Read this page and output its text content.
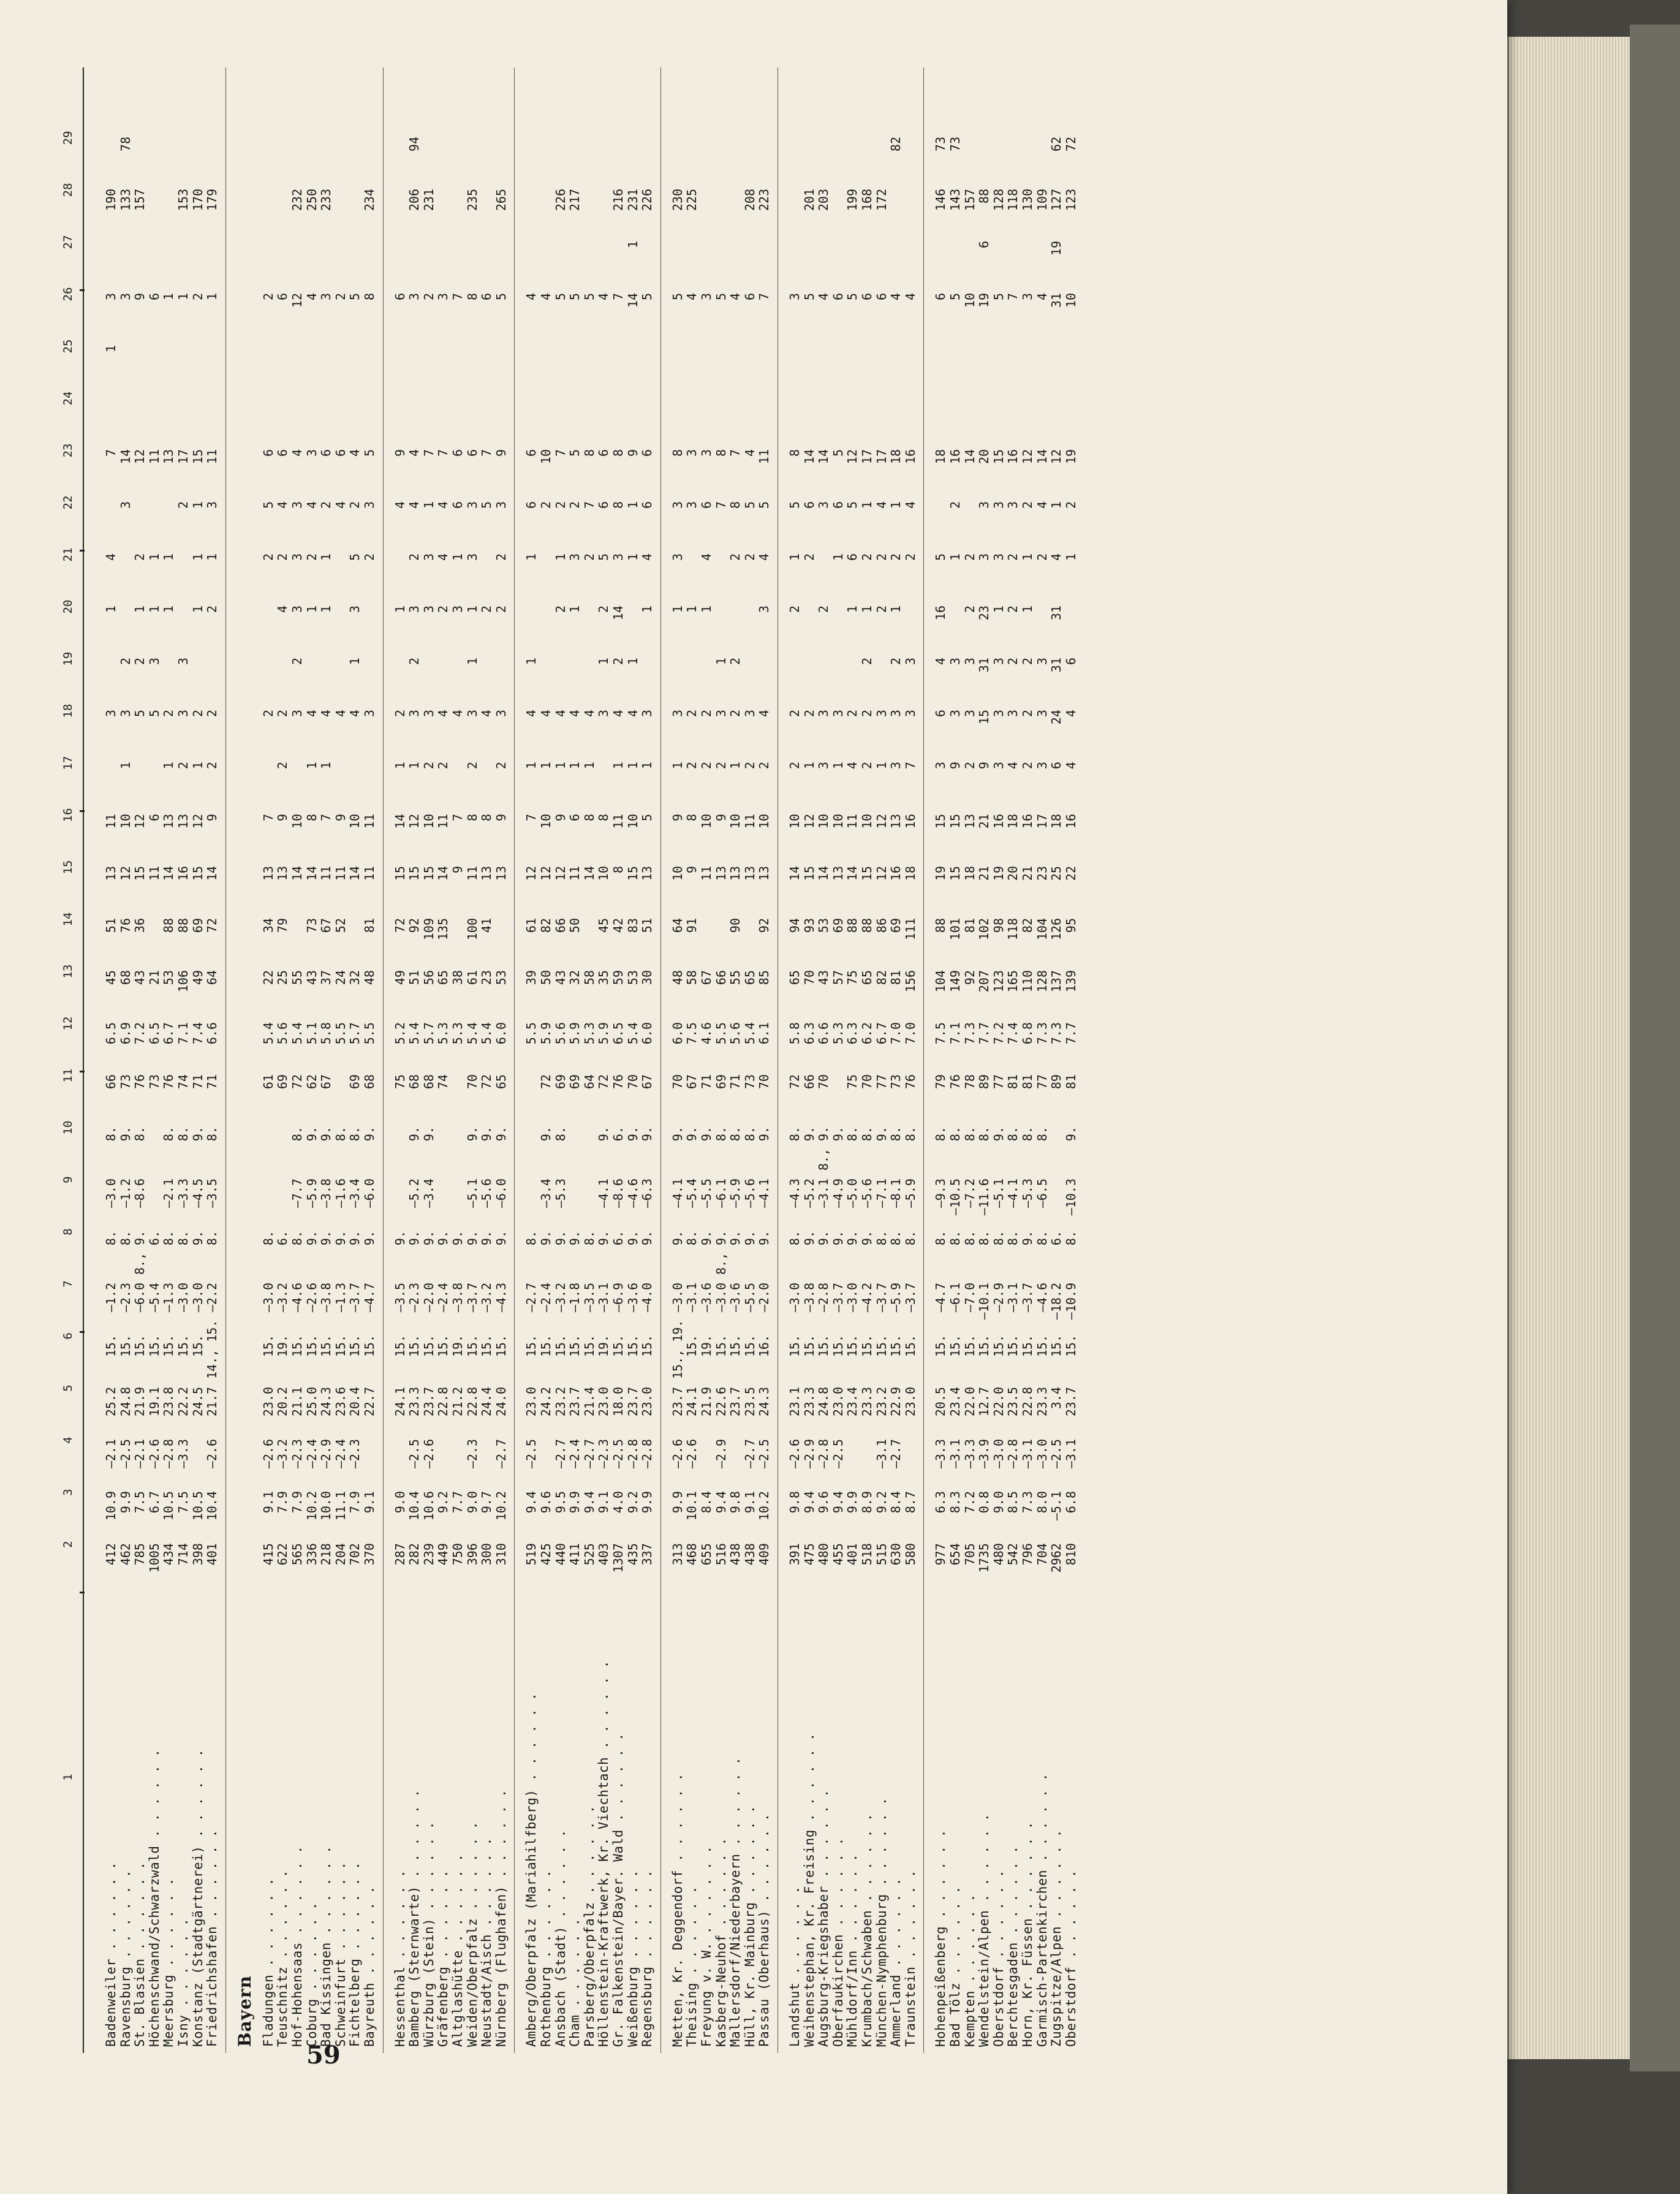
1
2
3
4
5
6
7
8
9
10
11
12
13
14
15
16
17
18
19
20
21
22
23
24
25
26
27
28
29
Badenweiler . . . . . .
412
10.9
—2.1
25.2
15.
—1.2
8.
—3.0
8.
66
6.5
45
51
13
11
3
1
4
7
1
3
190
Ravensburg . . . . . .
462
9.9
—2.5
24.8
15.
—2.3
8.
—1.2
9.
73
6.9
68
76
12
10
1
3
2
3
14
3
133
78
St. Blasien . . . . . .
785
7.5
—2.1
21.9
15.
—6.0
8., 9.
—8.6
8.
76
7.2
43
36
15
12
5
2
1
2
12
9
157
Höchenschwand/Schwarzwald . . . . . .
1005
6.7
—2.6
19.1
15.
—5.4
6.
73
6.5
21
11
6
5
3
1
1
11
6
Meersburg . . . . . .
434
10.5
—2.8
23.8
15.
—1.3
8.
—2.1
8.
76
6.7
53
88
14
13
1
2
1
1
13
1
Isny . . . . . .
714
7.5
—3.3
22.2
15.
—3.0
8.
—3.3
8.
74
7.1
106
88
16
13
2
3
3
2
17
1
153
Konstanz (Stadtgärtnerei) . . . . . .
398
10.5
24.5
15.
—3.0
9.
—4.5
9.
71
7.4
49
69
15
12
1
2
1
1
1
15
2
170
Friedrichshafen . . . . . .
401
10.4
—2.6
21.7
14., 15.
—2.2
8.
—3.5
8.
71
6.6
64
72
14
9
2
2
2
1
3
11
1
179
Bayern Fladungen . . . . . .
415
9.1
—2.6
23.0
15.
—3.0
8.
61
5.4
22
34
13
7
2
2
5
6
2
Teuschnitz . . . . . .
622
7.9
—3.2
20.2
19.
—3.2
6.
69
5.6
25
79
13
9
2
2
4
2
4
6
6
Hof-Hohensaas . . . . . .
565
7.9
—2.3
21.1
15.
—4.6
8.
—7.7
8.
72
5.4
55
14
10
3
2
3
3
3
4
12
232
Coburg . . . . . .
336
10.2
—2.4
25.0
15.
—2.6
9.
—5.9
9.
62
5.1
43
73
14
8
1
4
1
2
4
3
4
250
Bad Kissingen . . . . . .
218
10.0
—2.9
24.3
15.
—3.8
9.
—3.8
9.
67
5.8
37
67
11
7
1
4
1
1
2
6
3
233
Schweinfurt . . . . . .
204
11.1
—2.4
23.6
15.
—1.3
9.
—1.6
8.
5.5
24
52
11
9
4
4
6
2
Fichtelberg . . . . . .
702
7.9
—2.3
20.4
15.
—3.7
9.
—3.4
8.
69
5.7
32
14
10
4
1
3
5
2
4
5
Bayreuth . . . . . .
370
9.1
22.7
15.
—4.7
9.
—6.0
9.
68
5.5
48
81
11
11
3
2
3
5
8
234
Hessenthal . . . . . .
287
9.0
24.1
15.
—3.5
9.
75
5.2
49
72
15
14
1
2
1
4
9
6
Bamberg (Sternwarte) . . . . . .
282
10.4
—2.5
23.3
15.
—2.3
9.
—5.2
9.
68
5.4
51
92
15
12
1
3
2
3
2
4
4
3
206
94
Würzburg (Stein) . . . . . .
239
10.6
—2.6
23.7
15.
—2.0
9.
—3.4
9.
68
5.7
56
109
15
10
2
3
3
3
1
7
2
231
Gräfenberg . . . . . .
449
9.2
22.8
15.
—2.4
9.
74
5.3
65
135
14
11
2
4
2
4
4
7
3
Altglashütte . . . . . .
750
7.7
21.2
19.
—3.8
9.
5.3
38
9
7
4
3
1
6
6
7
Weiden/Oberpfalz . . . . . .
396
9.0
—2.3
22.8
15.
—3.7
9.
—5.1
9.
70
5.4
61
100
11
8
2
3
1
1
3
3
6
8
235
Neustadt/Aisch . . . . . .
300
9.7
24.4
15.
—3.2
9.
—5.6
9.
72
5.4
23
41
13
8
4
2
5
7
6
Nürnberg (Flughafen) . . . . . .
310
10.2
—2.7
24.0
15.
—4.3
9.
—6.0
9.
65
6.0
53
13
9
2
3
2
2
3
9
5
265
Amberg/Oberpfalz (Mariahilfberg) . . . . . .
519
9.4
—2.5
23.0
15.
—2.7
8.
5.5
39
61
12
7
1
4
1
1
6
6
4
Rothenburg . . . . . .
425
9.6
24.2
15.
—2.4
9.
—3.4
9.
72
5.9
50
82
12
10
1
4
2
10
4
Ansbach (Stadt) . . . . . .
440
9.5
—2.7
23.2
15.
—3.2
9.
—5.3
8.
69
5.6
43
66
12
9
1
4
2
1
2
7
5
226
Cham . . . . . .
411
9.9
—2.4
23.7
15.
—1.8
9.
69
5.9
32
50
11
6
1
4
1
3
2
5
5
217
Parsberg/Oberpfalz . . . . . .
525
9.4
—2.7
21.4
15.
—3.5
8.
64
5.3
58
14
8
1
4
2
7
8
5
Höllenstein-Kraftwerk, Kr. Viechtach . . . . . .
403
9.1
—2.3
23.0
19.
—3.1
9.
—4.1
9.
72
5.9
35
45
10
8
3
1
2
5
6
6
4
Gr. Falkenstein/Bayer. Wald . . . . . .
1307
4.0
—2.5
18.0
15.
—6.9
6.
—8.6
6.
76
6.5
59
42
8
11
1
4
2
14
3
8
8
7
216
Weißenburg . . . . . .
435
9.2
—2.8
23.7
15.
—3.6
9.
—4.6
9.
70
5.4
53
83
15
10
1
4
1
1
1
9
14
1
231
Regensburg . . . . . .
337
9.9
—2.8
23.0
15.
—4.0
9.
—6.3
9.
67
6.0
30
51
13
5
1
3
1
4
6
6
5
226
Metten, Kr. Deggendorf . . . . . .
313
9.9
—2.6
23.7
15., 19.
—3.0
9.
—4.1
9.
70
6.0
48
64
10
9
1
3
1
3
3
8
5
230
Theising . . . . . .
468
10.1
—2.6
24.1
15.
—3.1
8.
—5.4
9.
67
7.5
58
91
9
8
2
2
1
3
3
4
225
Freyung v. W. . . . . . .
655
8.4
21.9
19.
—3.6
9.
—5.5
9.
71
4.6
67
11
10
2
2
1
4
6
3
3
Kasberg-Neuhof . . . . . .
516
9.4
—2.9
22.6
15.
—3.0
8., 9.
—6.1
8.
69
5.5
66
13
9
2
3
1
7
8
5
Mallersdorf/Niederbayern . . . . . .
438
9.8
23.7
15.
—3.6
9.
—5.9
8.
71
5.6
55
90
13
10
1
2
2
2
8
7
4
Hüll, Kr. Mainburg . . . . . .
438
9.1
—2.7
23.5
15.
—5.5
9.
—5.6
8.
73
5.4
65
13
11
2
3
2
5
4
6
208
Passau (Oberhaus) . . . . . .
409
10.2
—2.5
24.3
16.
—2.0
9.
—4.1
9.
70
6.1
85
92
13
10
2
4
3
4
5
11
7
223
Landshut . . . . . .
391
9.8
—2.6
23.1
15.
—3.0
8.
—4.3
8.
72
5.8
65
94
14
10
2
2
2
1
5
8
3
Weihenstephan, Kr. Freising . . . . . .
475
9.4
—2.9
23.3
15.
—3.8
9.
—5.2
9.
66
6.3
70
93
15
12
1
2
2
6
14
5
201
Augsburg-Kriegshaber . . . . . .
480
9.6
—2.8
24.8
15.
—2.8
9.
—3.1
8., 9.
70
6.6
43
53
14
10
3
3
2
3
14
4
203
Oberfaukirchen . . . . . .
455
9.4
—2.5
23.0
15.
—3.7
9.
—4.9
9.
5.3
57
69
13
10
1
3
1
6
5
6
Mühldorf/Inn . . . . . .
401
9.9
23.4
15.
—3.0
9.
—5.0
8.
75
6.3
75
88
14
11
4
2
1
6
5
12
5
199
Krumbach/Schwaben . . . . . .
518
8.9
23.3
15.
—4.2
9.
—5.6
8.
70
6.2
65
88
15
10
2
2
2
1
2
1
17
6
168
München-Nymphenburg . . . . . .
515
9.2
—3.1
23.2
15.
—3.7
8.
—7.1
9.
77
6.7
82
86
12
12
1
3
2
2
4
17
6
172
Ammerland . . . . . .
630
8.4
—2.7
22.9
15.
—5.9
8.
—8.1
8.
73
7.0
81
69
16
13
3
3
2
1
2
1
18
4
82
Traunstein . . . . . .
580
8.7
23.0
15.
—3.7
8.
—5.9
8.
76
7.0
156
111
18
16
7
3
3
2
4
16
4
Hohenpeißenberg . . . . . .
977
6.3
—3.3
20.5
15.
—4.7
8.
—9.3
8.
79
7.5
104
88
19
15
3
6
4
16
5
18
6
146
73
Bad Tölz . . . . . .
654
8.3
—3.1
23.4
15.
—6.1
8.
—10.5
8.
76
7.1
149
101
15
15
9
3
3
1
2
16
5
143
73
Kempten . . . . . .
705
7.2
—3.3
22.0
15.
—7.0
8.
—7.2
8.
78
7.3
92
81
18
13
2
3
3
2
2
14
10
157
Wendelstein/Alpen . . . . . .
1735
0.8
—3.9
12.7
15.
—10.1
8.
—11.6
8.
89
7.7
207
102
21
21
9
15
31
23
3
3
20
19
6
88
Oberstdorf . . . . . .
480
9.0
—3.0
22.0
15.
—2.9
8.
—5.1
9.
77
7.2
123
98
19
16
3
3
3
1
3
3
15
5
128
Berchtesgaden . . . . . .
542
8.5
—2.8
23.5
15.
—3.1
8.
—4.1
8.
81
7.4
165
118
20
18
4
3
2
2
2
3
16
7
118
Horn, Kr. Füssen . . . . . .
796
7.3
—3.1
22.8
15.
—3.7
9.
—5.3
8.
81
6.8
110
82
21
16
2
2
2
1
1
2
12
3
130
Garmisch-Partenkirchen . . . . . .
704
8.0
—3.0
23.3
15.
—4.6
8.
—6.5
8.
77
7.3
128
104
23
17
3
3
3
2
4
14
4
109
Zugspitze/Alpen . . . . . .
2962
—5.1
—2.5
3.4
15.
—18.2
6.
89
7.3
137
126
25
18
6
24
31
31
4
1
12
31
19
127
62
Oberstdorf . . . . . .
810
6.8
—3.1
23.7
15.
—10.9
8.
—10.3
9.
81
7.7
139
95
22
16
4
4
6
1
2
19
10
123
72
59
